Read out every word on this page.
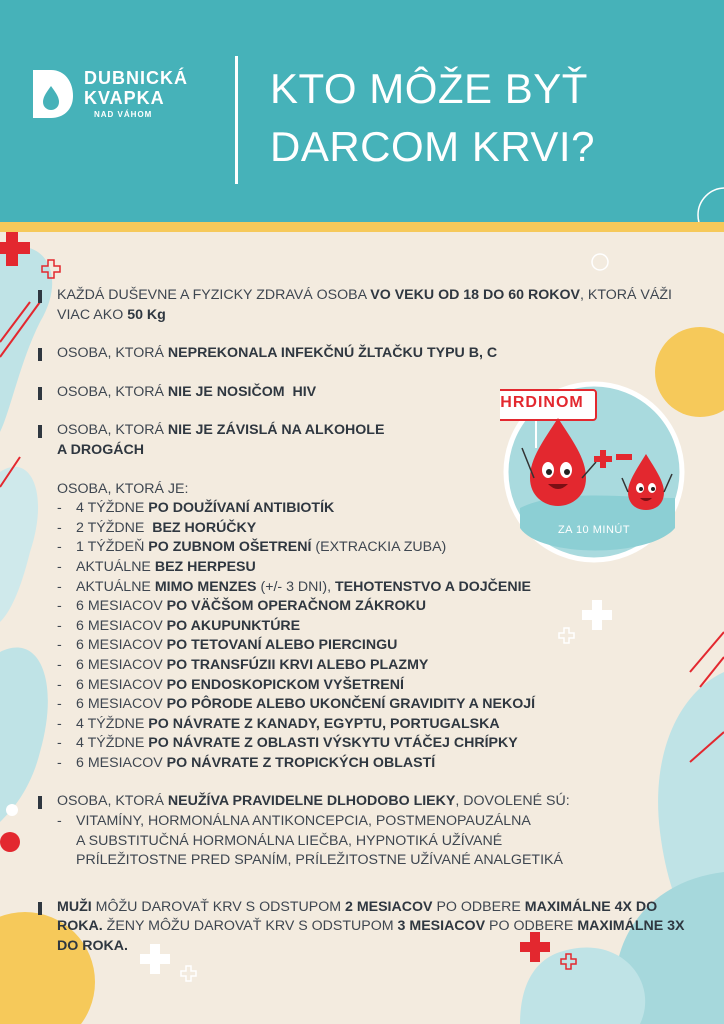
DUBNICKÁ
KVAPKA
NAD VÁHOM
KTO MÔŽE BYŤ
DARCOM KRVI?
HRDINOM
ZA 10 MINÚT
KAŽDÁ DUŠEVNE A FYZICKY ZDRAVÁ OSOBA VO VEKU OD 18 DO 60 ROKOV, KTORÁ VÁŽI VIAC AKO 50 Kg
OSOBA, KTORÁ NEPREKONALA INFEKČNÚ ŽLTAČKU TYPU B, C
OSOBA, KTORÁ NIE JE NOSIČOM  HIV
OSOBA, KTORÁ NIE JE ZÁVISLÁ NA ALKOHOLE
A DROGÁCH
OSOBA, KTORÁ JE:
-	4 TÝŽDNE PO DOUŽÍVANÍ ANTIBIOTÍK
-	2 TÝŽDNE  BEZ HORÚČKY
-	1 TÝŽDEŇ PO ZUBNOM OŠETRENÍ (EXTRACKIA ZUBA)
-	AKTUÁLNE BEZ HERPESU
-	AKTUÁLNE MIMO MENZES (+/- 3 DNI), TEHOTENSTVO A DOJČENIE
-	6 MESIACOV PO VÄČŠOM OPERAČNOM ZÁKROKU
-	6 MESIACOV PO AKUPUNKTÚRE
-	6 MESIACOV PO TETOVANÍ ALEBO PIERCINGU
-	6 MESIACOV PO TRANSFÚZII KRVI ALEBO PLAZMY
-	6 MESIACOV PO ENDOSKOPICKOM VYŠETRENÍ
-	6 MESIACOV PO PÔRODE ALEBO UKONČENÍ GRAVIDITY A NEKOJÍ
-	4 TÝŽDNE PO NÁVRATE Z KANADY, EGYPTU, PORTUGALSKA
-	4 TÝŽDNE PO NÁVRATE Z OBLASTI VÝSKYTU VTÁČEJ CHRÍPKY
-	6 MESIACOV PO NÁVRATE Z TROPICKÝCH OBLASTÍ
OSOBA, KTORÁ NEUŽÍVA PRAVIDELNE DLHODOBO LIEKY, DOVOLENÉ SÚ:
-	VITAMÍNY, HORMONÁLNA ANTIKONCEPCIA, POSTMENOPAUZÁLNA
A SUBSTITUČNÁ HORMONÁLNA LIEČBA, HYPNOTIKÁ UŽÍVANÉ
PRÍLEŽITOSTNE PRED SPANÍM, PRÍLEŽITOSTNE UŽÍVANÉ ANALGETIKÁ
MUŽI MÔŽU DAROVAŤ KRV S ODSTUPOM 2 MESIACOV PO ODBERE MAXIMÁLNE 4X DO ROKA. ŽENY MÔŽU DAROVAŤ KRV S ODSTUPOM 3 MESIACOV PO ODBERE MAXIMÁLNE 3X DO ROKA.
